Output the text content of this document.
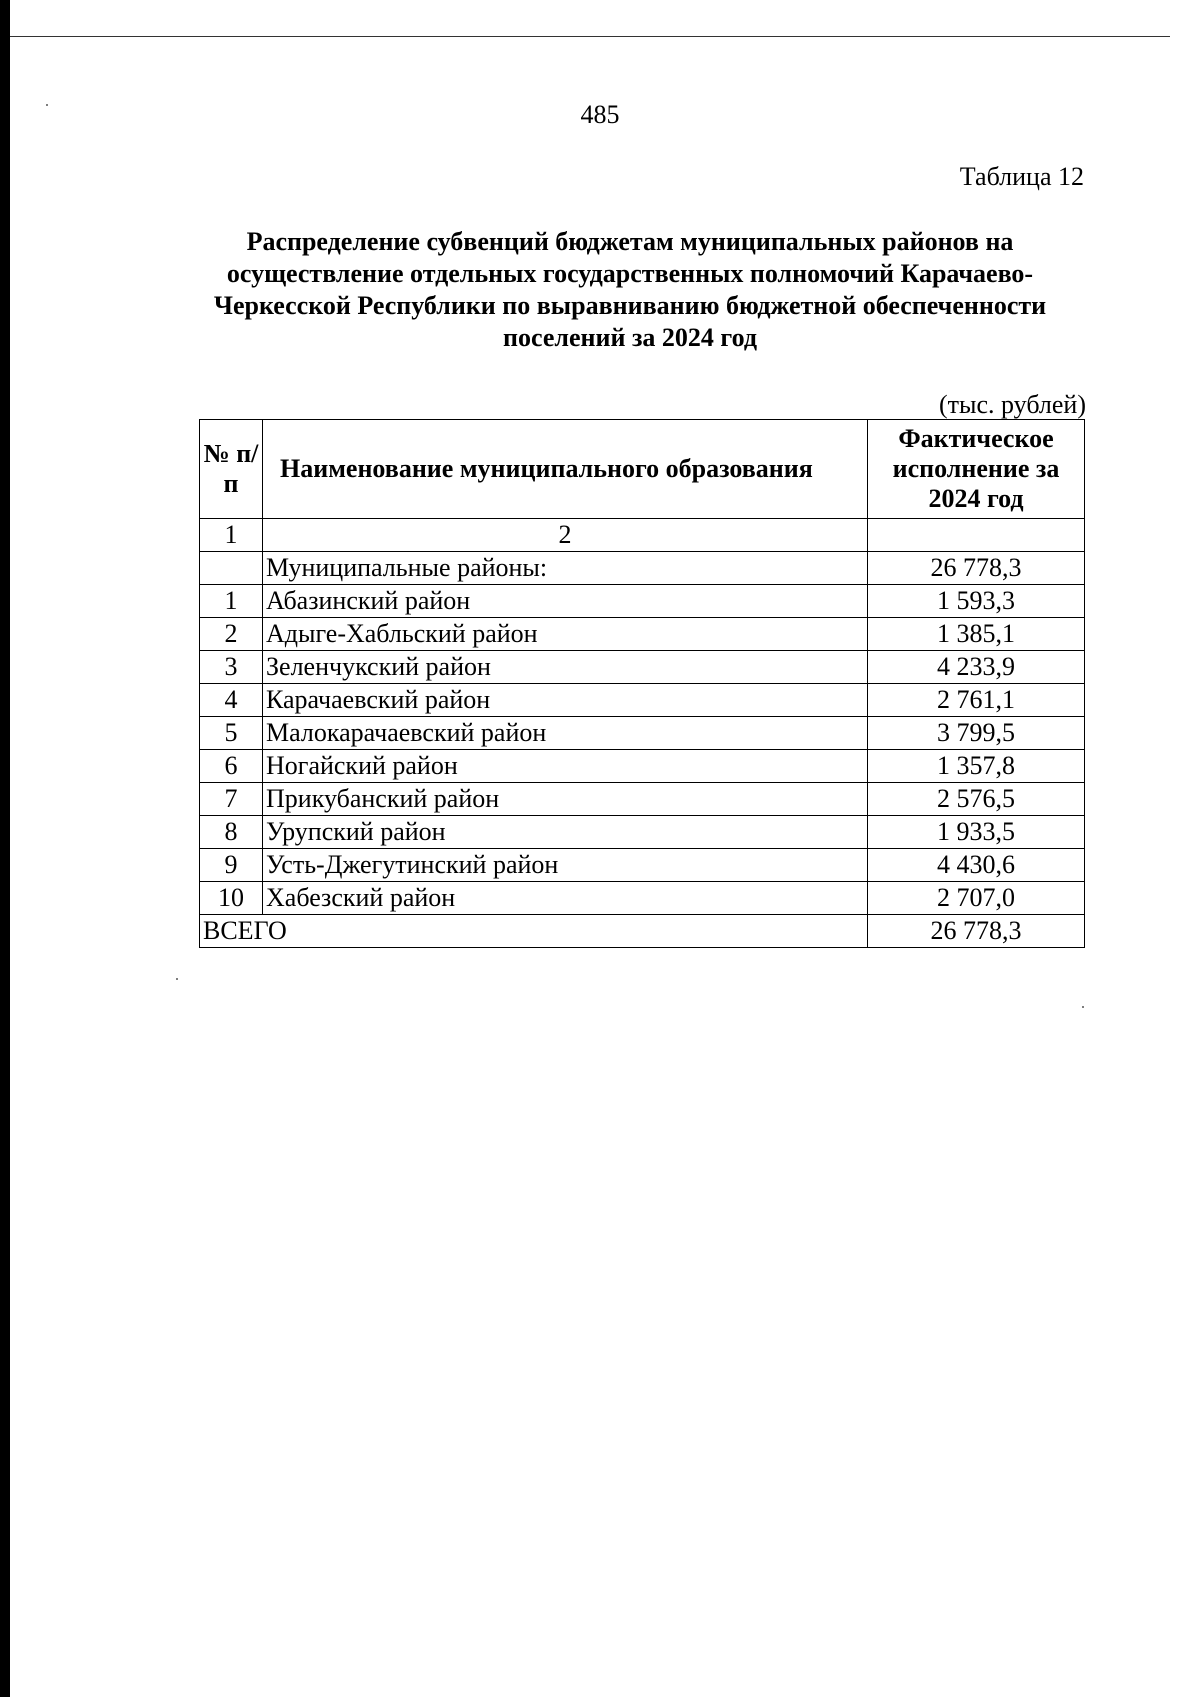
485
Таблица 12
Распределение субвенций бюджетам муниципальных районов на осуществление отдельных государственных полномочий Карачаево-Черкесской Республики по выравниванию бюджетной обеспеченности поселений за 2024 год
(тыс. рублей)
№ п/п	Наименование муниципального образования	Фактическое исполнение за 2024 год
1	2	
	Муниципальные районы:	26 778,3
1	Абазинский район	1 593,3
2	Адыге-Хабльский район	1 385,1
3	Зеленчукский район	4 233,9
4	Карачаевский район	2 761,1
5	Малокарачаевский район	3 799,5
6	Ногайский район	1 357,8
7	Прикубанский район	2 576,5
8	Урупский район	1 933,5
9	Усть-Джегутинский район	4 430,6
10	Хабезский район	2 707,0
ВСЕГО		26 778,3
